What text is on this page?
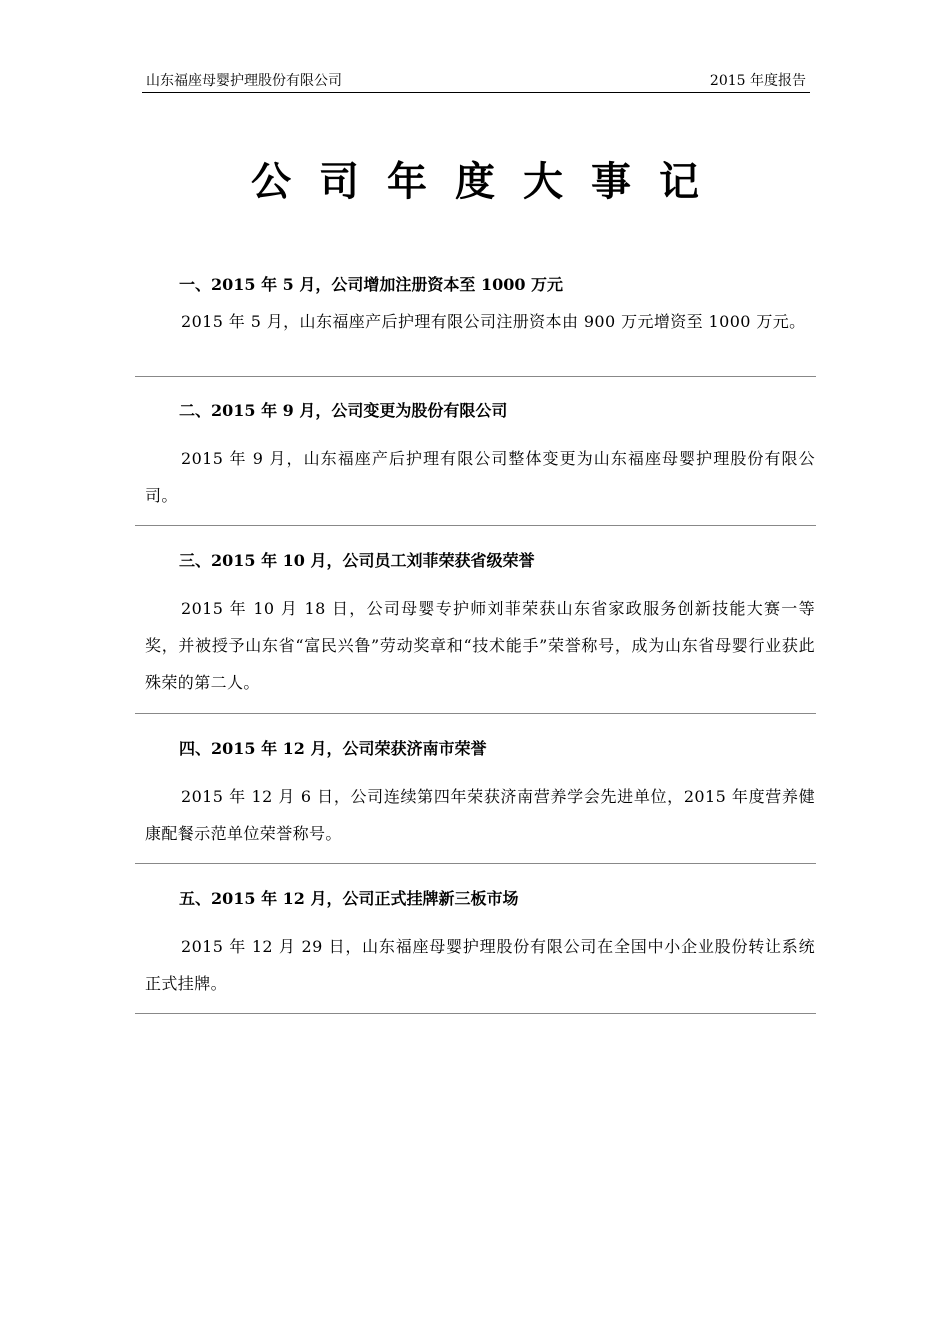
山东福座母婴护理股份有限公司	2015 年度报告
公司年度大事记
一、2015 年 5 月，公司增加注册资本至 1000 万元
2015 年 5 月，山东福座产后护理有限公司注册资本由 900 万元增资至 1000 万元。
二、2015 年 9 月，公司变更为股份有限公司
2015 年 9 月，山东福座产后护理有限公司整体变更为山东福座母婴护理股份有限公司。
三、2015 年 10 月，公司员工刘菲荣获省级荣誉
2015 年 10 月 18 日，公司母婴专护师刘菲荣获山东省家政服务创新技能大赛一等奖，并被授予山东省“富民兴鲁”劳动奖章和“技术能手”荣誉称号，成为山东省母婴行业获此殊荣的第二人。
四、2015 年 12 月，公司荣获济南市荣誉
2015 年 12 月 6 日，公司连续第四年荣获济南营养学会先进单位，2015 年度营养健康配餐示范单位荣誉称号。
五、2015 年 12 月，公司正式挂牌新三板市场
2015 年 12 月 29 日，山东福座母婴护理股份有限公司在全国中小企业股份转让系统正式挂牌。
